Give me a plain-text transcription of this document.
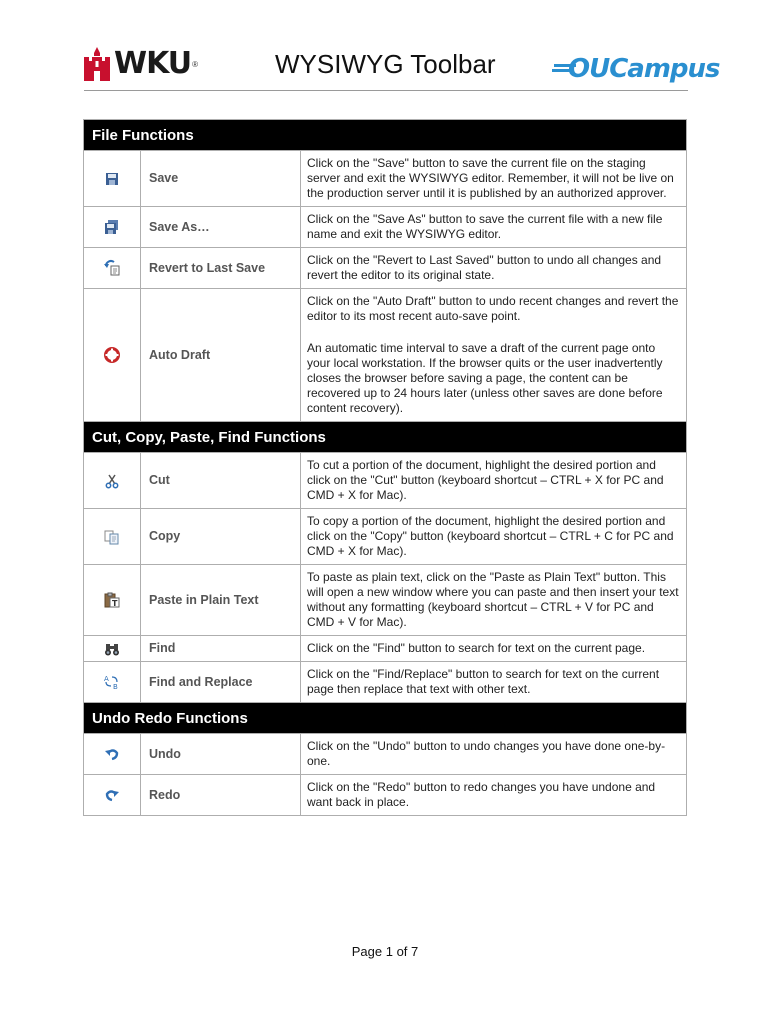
WKU ®	WYSIWYG Toolbar	OUCampus
File Functions		
	Save	Click on the "Save" button to save the current file on the staging server and exit the WYSIWYG editor. Remember, it will not be live on the production server until it is published by an authorized approver.

	Save As…	Click on the "Save As" button to save the current file with a new file name and exit the WYSIWYG editor.

	Revert to Last Save	Click on the "Revert to Last Saved" button to undo all changes and revert the editor to its original state.

	Auto Draft	Click on the "Auto Draft" button to undo recent changes and revert the editor to its most recent auto-save point.

An automatic time interval to save a draft of the current page onto your local workstation. If the browser quits or the user inadvertently closes the browser before saving a page, the content can be recovered up to 24 hours later (unless other saves are done before content recovery).

Cut, Copy, Paste, Find Functions		
	Cut	To cut a portion of the document, highlight the desired portion and click on the "Cut" button (keyboard shortcut – CTRL + X for PC and CMD + X for Mac).

	Copy	To copy a portion of the document, highlight the desired portion and click on the "Copy" button (keyboard shortcut – CTRL + C for PC and CMD + X for Mac).

T	Paste in Plain Text	To paste as plain text, click on the "Paste as Plain Text" button. This will open a new window where you can paste and then insert your text without any formatting (keyboard shortcut – CTRL + V for PC and CMD + V for Mac).

	Find	Click on the "Find" button to search for text on the current page.

A
B	Find and Replace	Click on the "Find/Replace" button to search for text on the current page then replace that text with other text.

Undo Redo Functions		
	Undo	Click on the "Undo" button to undo changes you have done one-by-one.

	Redo	Click on the "Redo" button to redo changes you have undone and want back in place.

Page 1 of 7
